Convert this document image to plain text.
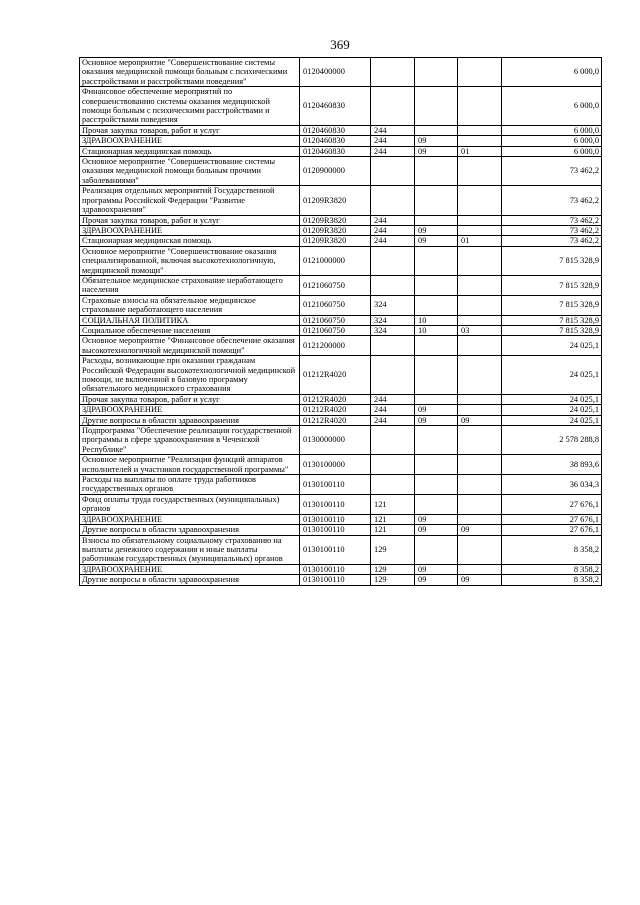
369
Основное мероприятие "Совершенствование системы оказания медицинской помощи больным с психическими расстройствами и расстройствами поведения"	0120400000				6 000,0
Финансовое обеспечение мероприятий по совершенствованию системы оказания медицинской помощи больным с психическими расстройствами и расстройствами поведения	0120460830				6 000,0
Прочая закупка товаров, работ и услуг	0120460830	244			6 000,0
ЗДРАВООХРАНЕНИЕ	0120460830	244	09		6 000,0
Стационарная медицинская помощь	0120460830	244	09	01	6 000,0
Основное мероприятие "Совершенствование системы оказания медицинской помощи больным прочими заболеваниями"	0120900000				73 462,2
Реализация отдельных мероприятий Государственной программы Российской Федерации "Развитие здравоохранения"	01209R3820				73 462,2
Прочая закупка товаров, работ и услуг	01209R3820	244			73 462,2
ЗДРАВООХРАНЕНИЕ	01209R3820	244	09		73 462,2
Стационарная медицинская помощь	01209R3820	244	09	01	73 462,2
Основное мероприятие "Совершенствование оказания специализированной, включая высокотехнологичную, медицинской помощи"	0121000000				7 815 328,9
Обязательное медицинское страхование неработающего населения	0121060750				7 815 328,9
Страховые взносы на обязательное медицинское страхование неработающего населения	0121060750	324			7 815 328,9
СОЦИАЛЬНАЯ ПОЛИТИКА	0121060750	324	10		7 815 328,9
Социальное обеспечение населения	0121060750	324	10	03	7 815 328,9
Основное мероприятие "Финансовое обеспечение оказания высокотехнологичной медицинской помощи"	0121200000				24 025,1
Расходы, возникающие при оказании гражданам Российской Федерации высокотехнологичной медицинской помощи, не включенной в базовую программу обязательного медицинского страхования	01212R4020				24 025,1
Прочая закупка товаров, работ и услуг	01212R4020	244			24 025,1
ЗДРАВООХРАНЕНИЕ	01212R4020	244	09		24 025,1
Другие вопросы в области здравоохранения	01212R4020	244	09	09	24 025,1
Подпрограмма "Обеспечение реализации государственной программы в сфере здравоохранения в Чеченской Республике"	0130000000				2 578 288,8
Основное мероприятие "Реализация функций аппаратов исполнителей и участников государственной программы"	0130100000				38 893,6
Расходы на выплаты по оплате труда работников государственных органов	0130100110				36 034,3
Фонд оплаты труда государственных (муниципальных) органов	0130100110	121			27 676,1
ЗДРАВООХРАНЕНИЕ	0130100110	121	09		27 676,1
Другие вопросы в области здравоохранения	0130100110	121	09	09	27 676,1
Взносы по обязательному социальному страхованию на выплаты денежного содержания и иные выплаты работникам государственных (муниципальных) органов	0130100110	129			8 358,2
ЗДРАВООХРАНЕНИЕ	0130100110	129	09		8 358,2
Другие вопросы в области здравоохранения	0130100110	129	09	09	8 358,2
